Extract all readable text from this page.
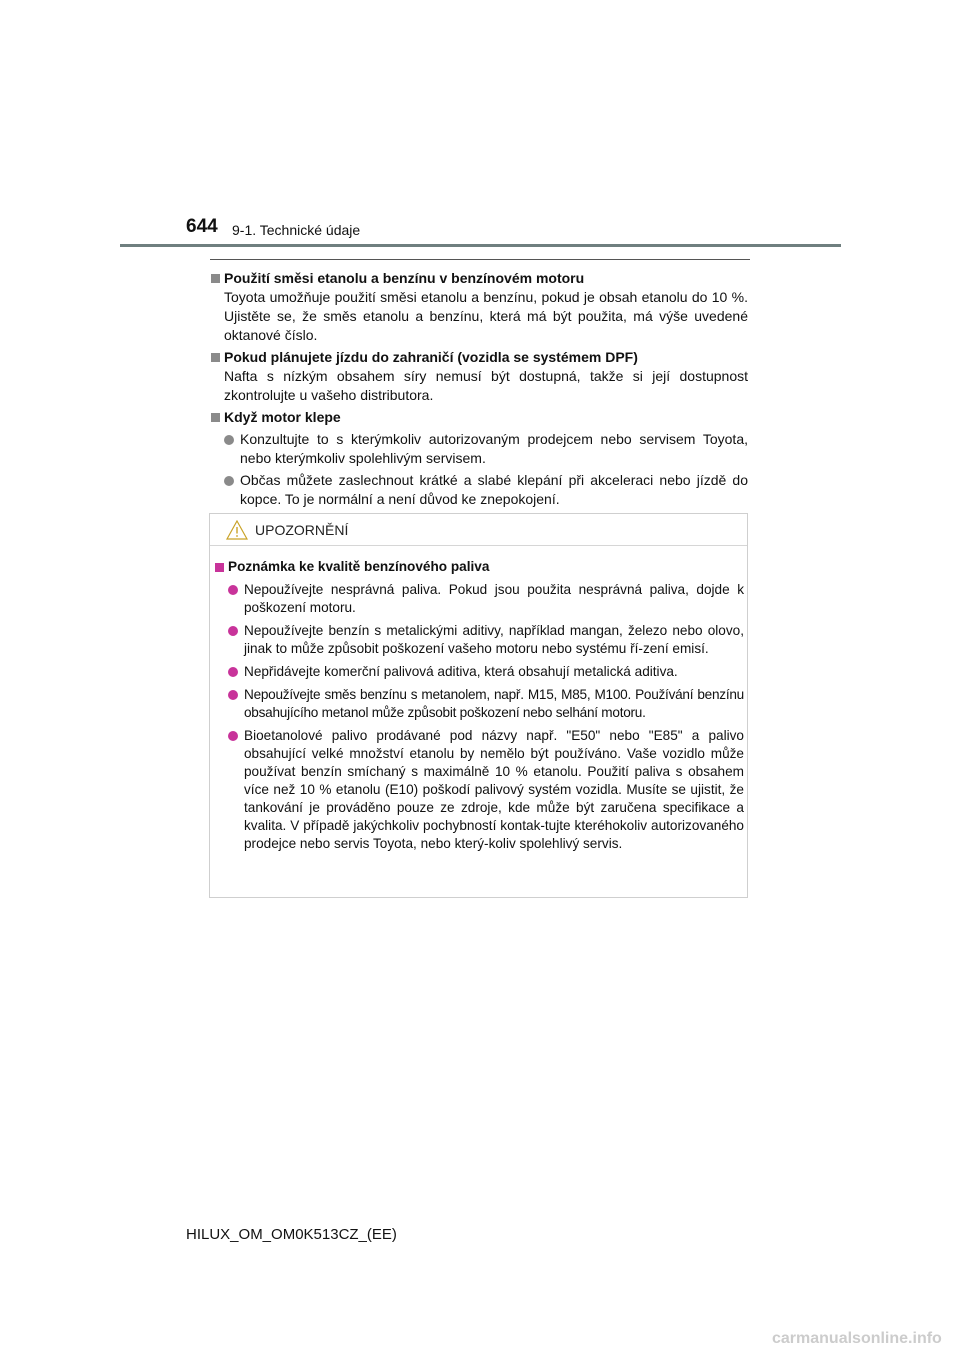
644 9-1. Technické údaje
Použití směsi etanolu a benzínu v benzínovém motoru
Toyota umožňuje použití směsi etanolu a benzínu, pokud je obsah etanolu do 10 %. Ujistěte se, že směs etanolu a benzínu, která má být použita, má výše uvedené oktanové číslo.
Pokud plánujete jízdu do zahraničí (vozidla se systémem DPF)
Nafta s nízkým obsahem síry nemusí být dostupná, takže si její dostupnost zkontrolujte u vašeho distributora.
Když motor klepe
Konzultujte to s kterýmkoliv autorizovaným prodejcem nebo servisem Toyota, nebo kterýmkoliv spolehlivým servisem.
Občas můžete zaslechnout krátké a slabé klepání při akceleraci nebo jízdě do kopce. To je normální a není důvod ke znepokojení.
UPOZORNĚNÍ
Poznámka ke kvalitě benzínového paliva
Nepoužívejte nesprávná paliva. Pokud jsou použita nesprávná paliva, dojde k poškození motoru.
Nepoužívejte benzín s metalickými aditivy, například mangan, železo nebo olovo, jinak to může způsobit poškození vašeho motoru nebo systému ří-zení emisí.
Nepřidávejte komerční palivová aditiva, která obsahují metalická aditiva.
Nepoužívejte směs benzínu s metanolem, např. M15, M85, M100. Používání benzínu obsahujícího metanol může způsobit poškození nebo selhání motoru.
Bioetanolové palivo prodávané pod názvy např. "E50" nebo "E85" a palivo obsahující velké množství etanolu by nemělo být používáno. Vaše vozidlo může používat benzín smíchaný s maximálně 10 % etanolu. Použití paliva s obsahem více než 10 % etanolu (E10) poškodí palivový systém vozidla. Musíte se ujistit, že tankování je prováděno pouze ze zdroje, kde může být zaručena specifikace a kvalita. V případě jakýchkoliv pochybností kontak-tujte kteréhokoliv autorizovaného prodejce nebo servis Toyota, nebo který-koliv spolehlivý servis.
HILUX_OM_OM0K513CZ_(EE)
carmanualsonline.info
